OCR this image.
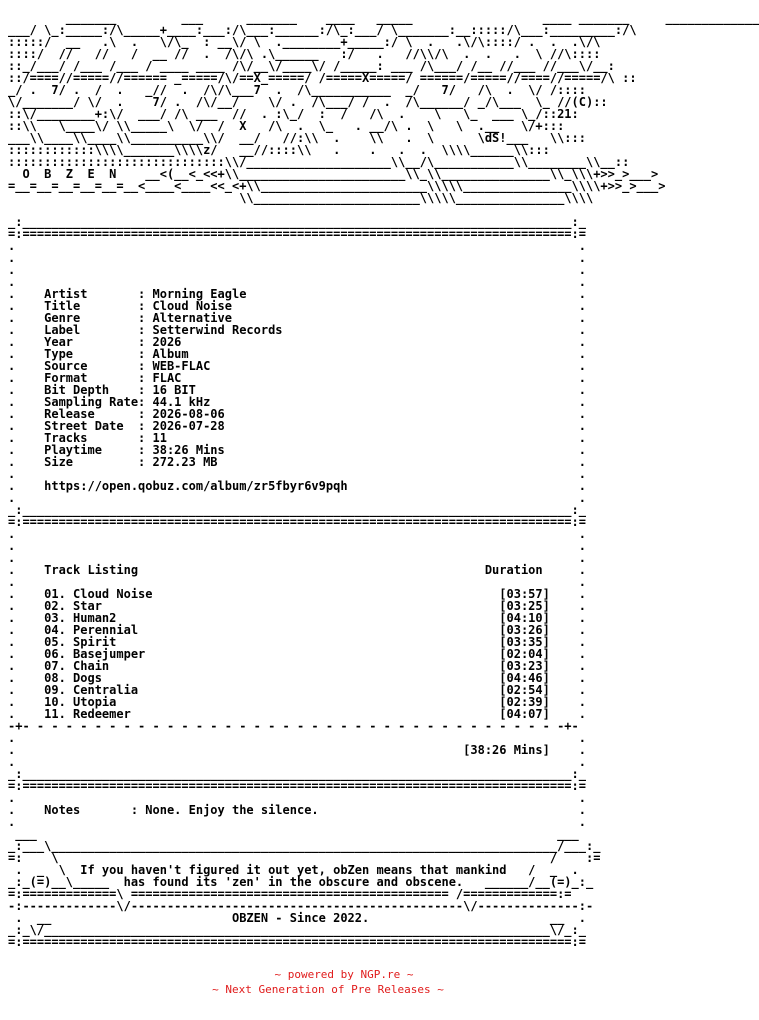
_______         ___      _______    ____   _____                  ____ _______     _____________
___/ \_:_____:/\_____+____:___:/\___:______:/\_:___/ \_______:__:::::/\___:_________:/\
:::::/  __   .\  .   \/\_  : __\/ \  .________+_____:/ \  .   .\/\::::/ .  .  .\/\
::::/  //   //   /  __ //  .  /\/\ .\______   :/   .   //\\/\  .  .   .  \ //\::::
::_/___/ /___ /___ / ____ ____ /\/__\/____\/ /_____: ___ /\___/ /__ //___ //___\/__:
::/====//=====//====== _=====/\/==X_=====/ /=====X=====/ ======/=====//====//=====/\ ::
_/ .  7/ .  /  .   _//  .  /\/\___7  .  /\___________  _/   7/   /\  .  \/ /::::
\/_______/ \/  .    7/ .  /\/__/    \/ .  /\___/ /  .  /\______/ _/\___  \_ //(C)::
::\/________+:\/  ___/ /\ ___  //  . :\_/  :  /   /\  .    \   \_  ___ \_/::21:
::\\   \____\/ \\_____\  \/  /  X   /\  .  \_   . __/\ .  \   \  .__   \/+:::
___\\____\\____\\__________\\/  __/   //:\\  .    \\   .  \      \dS!___   \\:::
::::::::::::\\\\_______\\\\z/   __//::::\\   .    .   .  .  \\\\______\\:::
::::::::::::::::::::::::::::::\\/____________________\\__/\___________\\________\\__::
O  B  Z  E  N    __<(__<_<<+\\_______________________\\_\\_______________\\_\\\+>>_>___>
=__=__=__=__=__=__<____<____<<_<+\\_______________________\\\\\_______________\\\\+>>_>___>
\\_______________________\\\\\_______________\\\\

_:____________________________________________________________________________:_
=:============================================================================:=
.                                                                              .
.                                                                              .
.                                                                              .
.                                                                              .
.    Artist       : Morning Eagle                                              .
.    Title        : Cloud Noise                                                .
.    Genre        : Alternative                                                .
.    Label        : Setterwind Records                                         .
.    Year         : 2026                                                       .
.    Type         : Album                                                      .
.    Source       : WEB-FLAC                                                   .
.    Format       : FLAC                                                       .
.    Bit Depth    : 16 BIT                                                     .
.    Sampling Rate: 44.1 kHz                                                   .
.    Release      : 2026-08-06                                                 .
.    Street Date  : 2026-07-28                                                 .
.    Tracks       : 11                                                         .
.    Playtime     : 38:26 Mins                                                 .
.    Size         : 272.23 MB                                                  .
.                                                                              .
.    https://open.qobuz.com/album/zr5fbyr6v9pqh                                .
.                                                                              .
_:____________________________________________________________________________:_
=:============================================================================:=
.                                                                              .
.                                                                              .
.                                                                              .
.    Track Listing                                                Duration     .
.                                                                              .
.    01. Cloud Noise                                                [03:57]    .
.    02. Star                                                       [03:25]    .
.    03. Human2                                                     [04:10]    .
.    04. Perennial                                                  [03:26]    .
.    05. Spirit                                                     [03:35]    .
.    06. Basejumper                                                 [02:04]    .
.    07. Chain                                                      [03:23]    .
.    08. Dogs                                                       [04:46]    .
.    09. Centralia                                                  [02:54]    .
.    10. Utopia                                                     [02:39]    .
.    11. Redeemer                                                   [04:07]    .
-+- - - - - - - - - - - - - - - - - - - - - - - - - - - - - - - - - - - - - -+-
.                                                                              .
.                                                              [38:26 Mins]    .
.                                                                              .
_:____________________________________________________________________________:_
=:============================================================================:=
.                                                                              .
.    Notes       : None. Enjoy the silence.                                    .
.                                                                              .
___                                                                        ___
_:___\______________________________________________________________________/___:_
=:    \                                                                    /    :=
.  _  \  If you haven't figured it out yet, obZen means that mankind   /  _  .
_:_(=)__\_____  has found its 'zen' in the obscure and obscene.   ______/__(=)_:_
=:=============\ ============================================ /=============:=
-:-------------\/----------------------------------------------\/--------------:-
.  __                         OBZEN - Since 2022.                         __  .
_:_\/______________________________________________________________________\/_:_
=:============================================================================:=
~ powered by NGP.re ~
~ Next Generation of Pre Releases ~
